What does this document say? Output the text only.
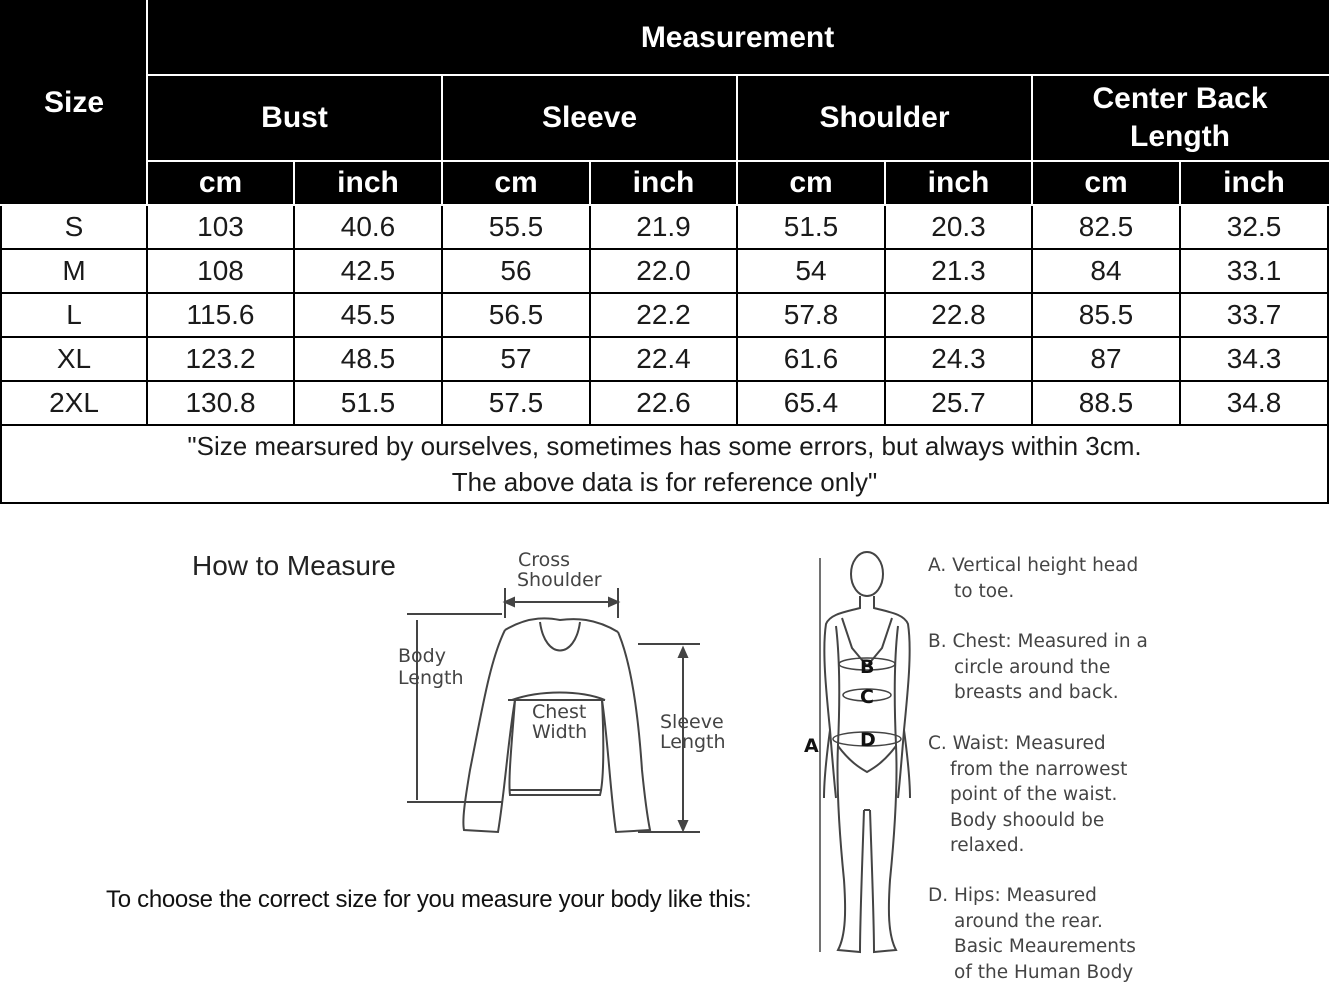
Size	Measurement							
	Bust		Sleeve		Shoulder		Center Back Length	

	cm	inch	cm	inch	cm	inch	cm	inch
S	103	40.6	55.5	21.9	51.5	20.3	82.5	32.5
M	108	42.5	56	22.0	54	21.3	84	33.1
L	115.6	45.5	56.5	22.2	57.8	22.8	85.5	33.7
XL	123.2	48.5	57	22.4	61.6	24.3	87	34.3
2XL	130.8	51.5	57.5	22.6	65.4	25.7	88.5	34.8

"Size mearsured by ourselves, sometimes has some errors, but always within 3cm.
The above data is for reference only"								
How to Measure
To choose the correct size for you measure your body like this:
Cross
Shoulder
Body
Length
Chest
Width	Sleeve
Length
B
C
D
A
A. Vertical height head
to toe.
B. Chest: Measured in a
circle around the
breasts and back.
C. Waist: Measured
from the narrowest
point of the waist.
Body shoould be
relaxed.
D. Hips: Measured
around the rear.
Basic Meaurements
of the Human Body
